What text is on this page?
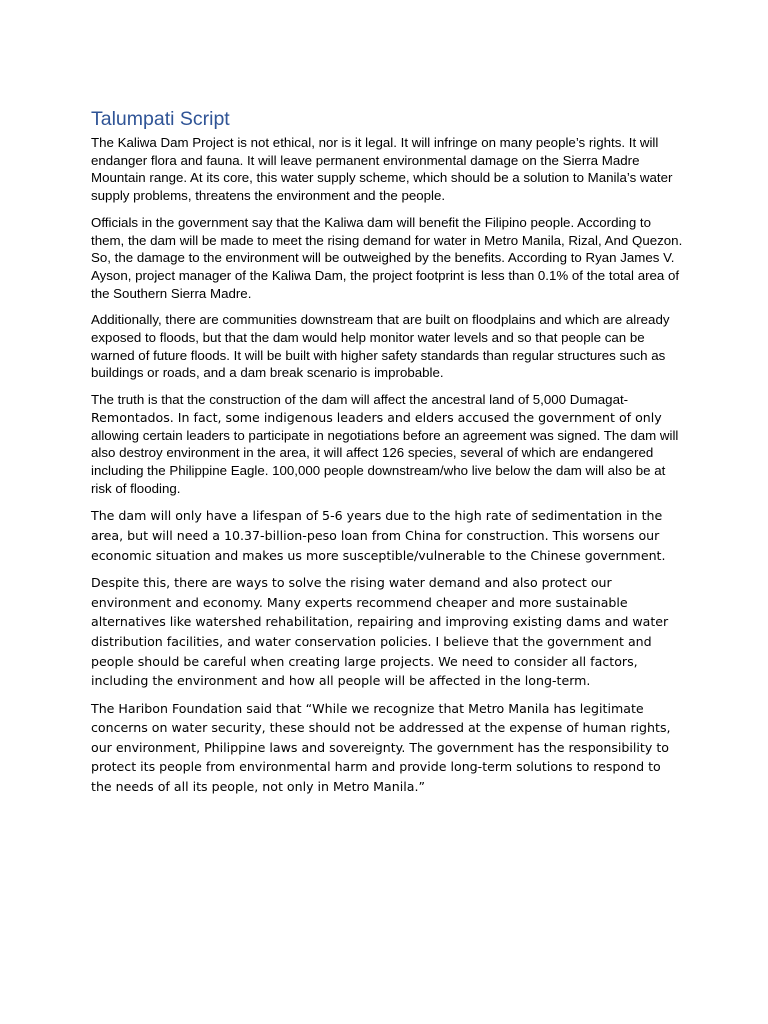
Talumpati Script

The Kaliwa Dam Project is not ethical, nor is it legal. It will infringe on many people’s rights. It will endanger flora and fauna. It will leave permanent environmental damage on the Sierra Madre Mountain range. At its core, this water supply scheme, which should be a solution to Manila’s water supply problems, threatens the environment and the people.

Officials in the government say that the Kaliwa dam will benefit the Filipino people. According to them, the dam will be made to meet the rising demand for water in Metro Manila, Rizal, And Quezon. So, the damage to the environment will be outweighed by the benefits. According to Ryan James V. Ayson, project manager of the Kaliwa Dam, the project footprint is less than 0.1% of the total area of the Southern Sierra Madre.

Additionally, there are communities downstream that are built on floodplains and which are already exposed to floods, but that the dam would help monitor water levels and so that people can be warned of future floods. It will be built with higher safety standards than regular structures such as buildings or roads, and a dam break scenario is improbable.

The truth is that the construction of the dam will affect the ancestral land of 5,000 Dumagat-
Remontados. In fact, some indigenous leaders and elders accused the government of only allowing certain leaders to participate in negotiations before an agreement was signed. The dam will also destroy environment in the area, it will affect 126 species, several of which are endangered including the Philippine Eagle. 100,000 people downstream/who live below the dam will also be at risk of flooding.

The dam will only have a lifespan of 5-6 years due to the high rate of sedimentation in the area, but will need a 10.37-billion-peso loan from China for construction. This worsens our economic situation and makes us more susceptible/vulnerable to the Chinese government.

Despite this, there are ways to solve the rising water demand and also protect our environment and economy. Many experts recommend cheaper and more sustainable alternatives like watershed rehabilitation, repairing and improving existing dams and water distribution facilities, and water conservation policies. I believe that the government and people should be careful when creating large projects. We need to consider all factors, including the environment and how all people will be affected in the long-term.

The Haribon Foundation said that “While we recognize that Metro Manila has legitimate concerns on water security, these should not be addressed at the expense of human rights, our environment, Philippine laws and sovereignty. The government has the responsibility to protect its people from environmental harm and provide long-term solutions to respond to the needs of all its people, not only in Metro Manila.”
